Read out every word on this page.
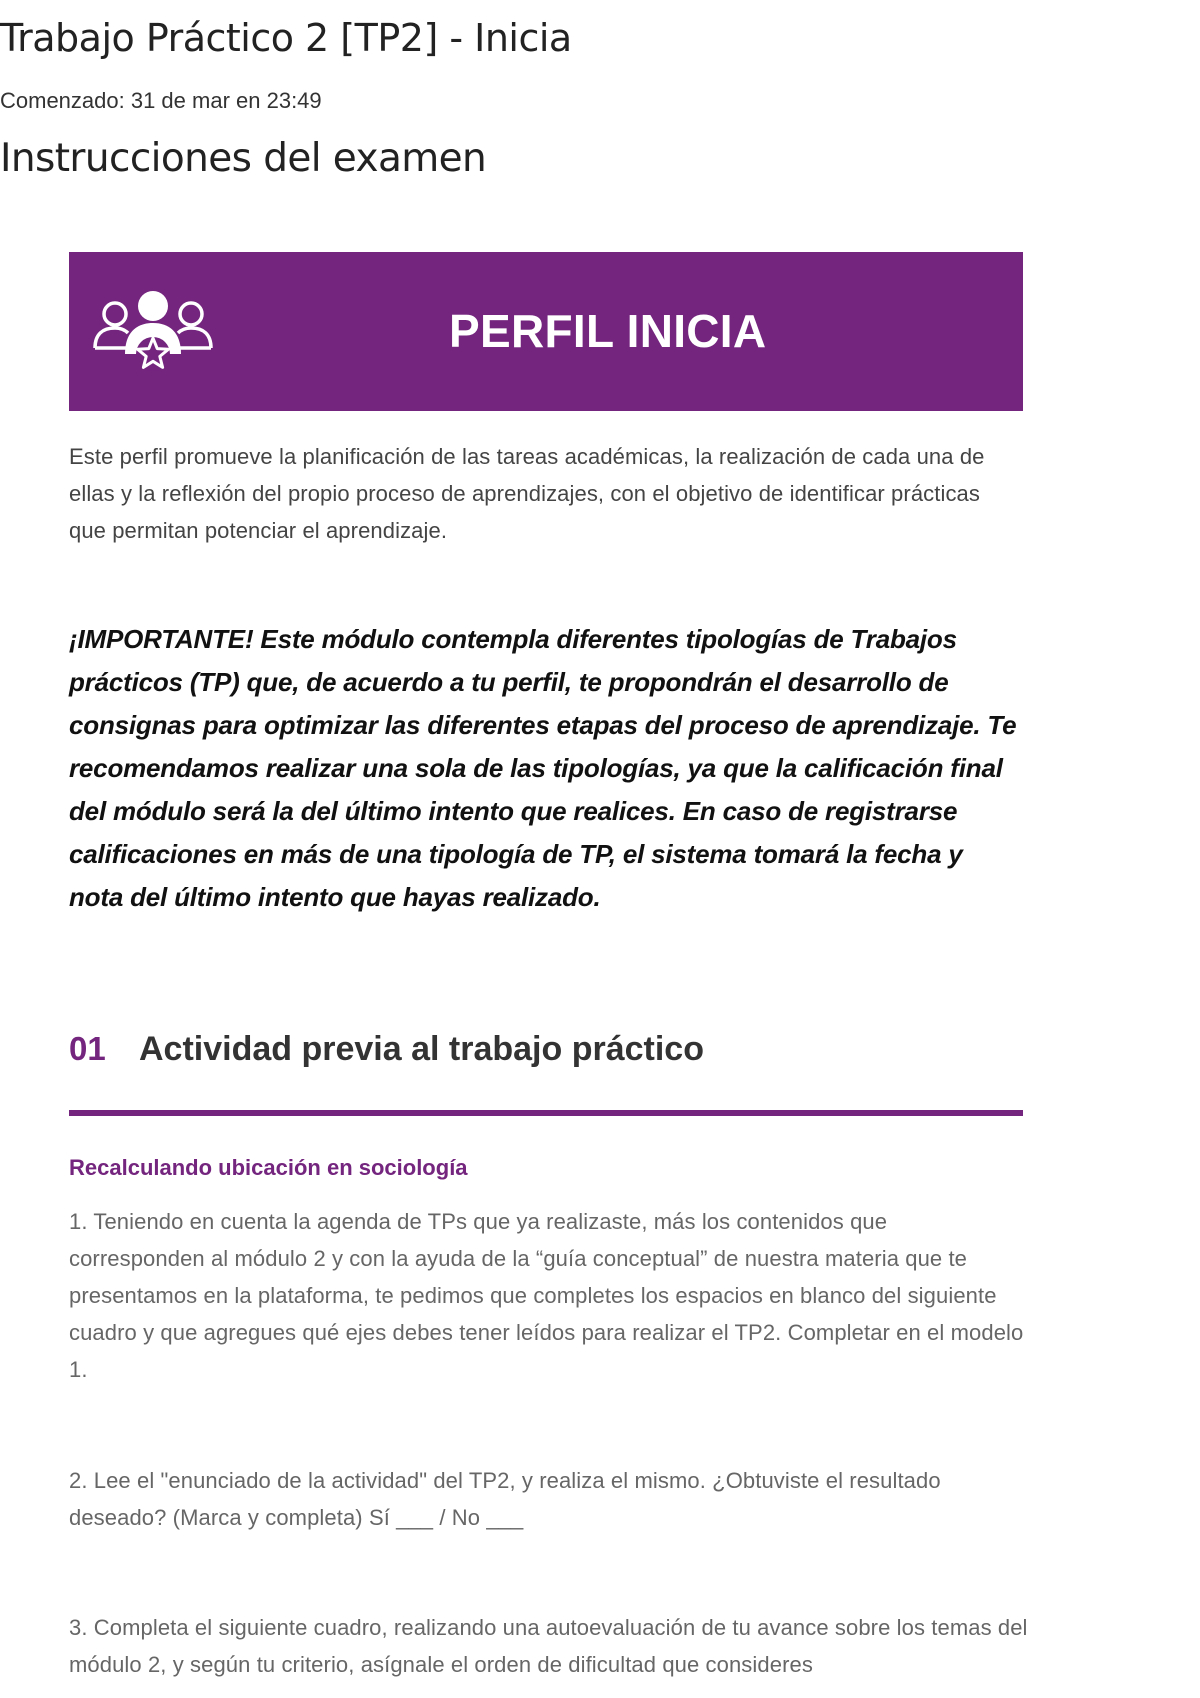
Trabajo Práctico 2 [TP2] - Inicia
Comenzado: 31 de mar en 23:49
Instrucciones del examen
PERFIL INICIA

Este perfil promueve la planificación de las tareas académicas, la realización de cada una de ellas y la reflexión del propio proceso de aprendizajes, con el objetivo de identificar prácticas que permitan potenciar el aprendizaje.

¡IMPORTANTE! Este módulo contempla diferentes tipologías de Trabajos prácticos (TP) que, de acuerdo a tu perfil, te propondrán el desarrollo de consignas para optimizar las diferentes etapas del proceso de aprendizaje. Te recomendamos realizar una sola de las tipologías, ya que la calificación final del módulo será la del último intento que realices. En caso de registrarse calificaciones en más de una tipología de TP, el sistema tomará la fecha y nota del último intento que hayas realizado.

01 Actividad previa al trabajo práctico
Recalculando ubicación en sociología

1. Teniendo en cuenta la agenda de TPs que ya realizaste, más los contenidos que corresponden al módulo 2 y con la ayuda de la “guía conceptual” de nuestra materia que te presentamos en la plataforma, te pedimos que completes los espacios en blanco del siguiente cuadro y que agregues qué ejes debes tener leídos para realizar el TP2. Completar en el modelo 1.

2. Lee el "enunciado de la actividad" del TP2, y realiza el mismo. ¿Obtuviste el resultado deseado? (Marca y completa) Sí ___ / No ___

3. Completa el siguiente cuadro, realizando una autoevaluación de tu avance sobre los temas del módulo 2, y según tu criterio, asígnale el orden de dificultad que consideres
